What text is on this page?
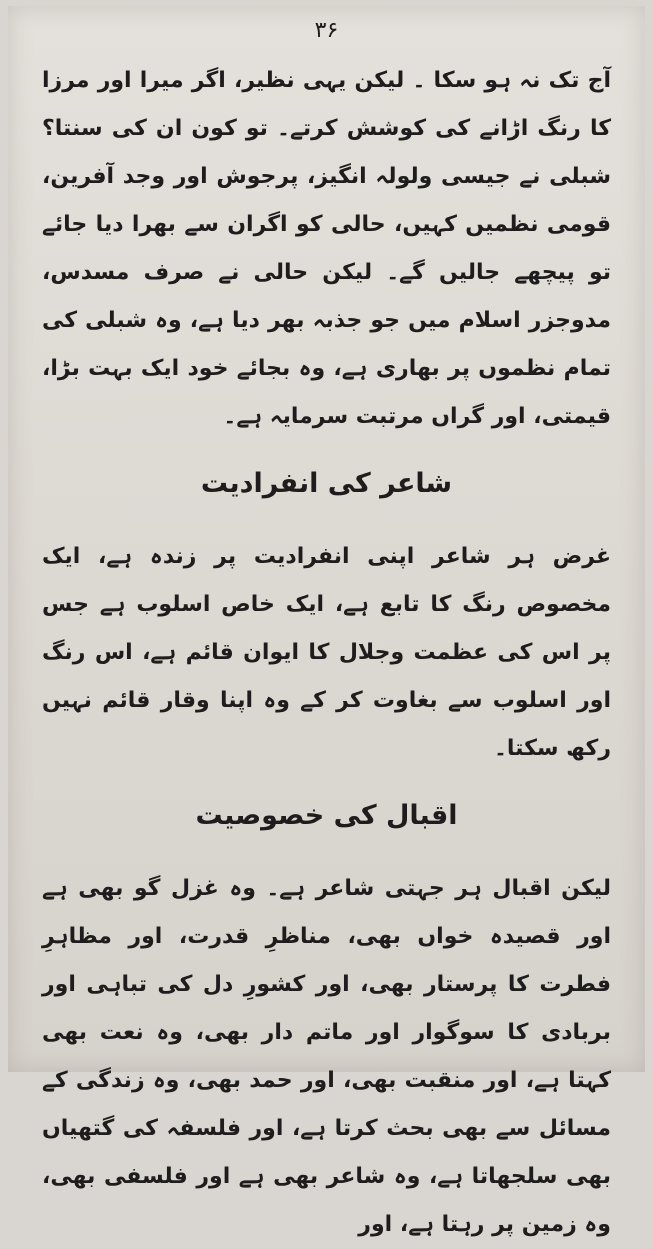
۳۶

آج تک نہ ہو سکا ۔ لیکن یہی نظیر، اگر میرا اور مرزا کا رنگ اڑانے کی کوشش کرتے۔ تو کون ان کی سنتا؟ شبلی نے جیسی ولولہ انگیز، پرجوش اور وجد آفرین، قومی نظمیں کہیں، حالی کو اگران سے بھرا دیا جائے تو پیچھے جالیں گے۔ لیکن حالی نے صرف مسدس، مدوجزر اسلام میں جو جذبہ بھر دیا ہے، وہ شبلی کی تمام نظموں پر بھاری ہے، وہ بجائے خود ایک بہت بڑا، قیمتی، اور گراں مرتبت سرمایہ ہے۔

شاعر کی انفرادیت

غرض ہر شاعر اپنی انفرادیت پر زندہ ہے، ایک مخصوص رنگ کا تابع ہے، ایک خاص اسلوب ہے جس پر اس کی عظمت وجلال کا ایوان قائم ہے، اس رنگ اور اسلوب سے بغاوت کر کے وہ اپنا وقار قائم نہیں رکھ سکتا۔

اقبال کی خصوصیت

لیکن اقبال ہر جہتی شاعر ہے۔ وہ غزل گو بھی ہے اور قصیدہ خواں بھی، مناظرِ قدرت، اور مظاہرِ فطرت کا پرستار بھی، اور کشورِ دل کی تباہی اور بربادی کا سوگوار اور ماتم دار بھی، وہ نعت بھی کہتا ہے، اور منقبت بھی، اور حمد بھی، وہ زندگی کے مسائل سے بھی بحث کرتا ہے، اور فلسفہ کی گتھیاں بھی سلجھاتا ہے، وہ شاعر بھی ہے اور فلسفی بھی، وہ زمین پر رہتا ہے، اور
